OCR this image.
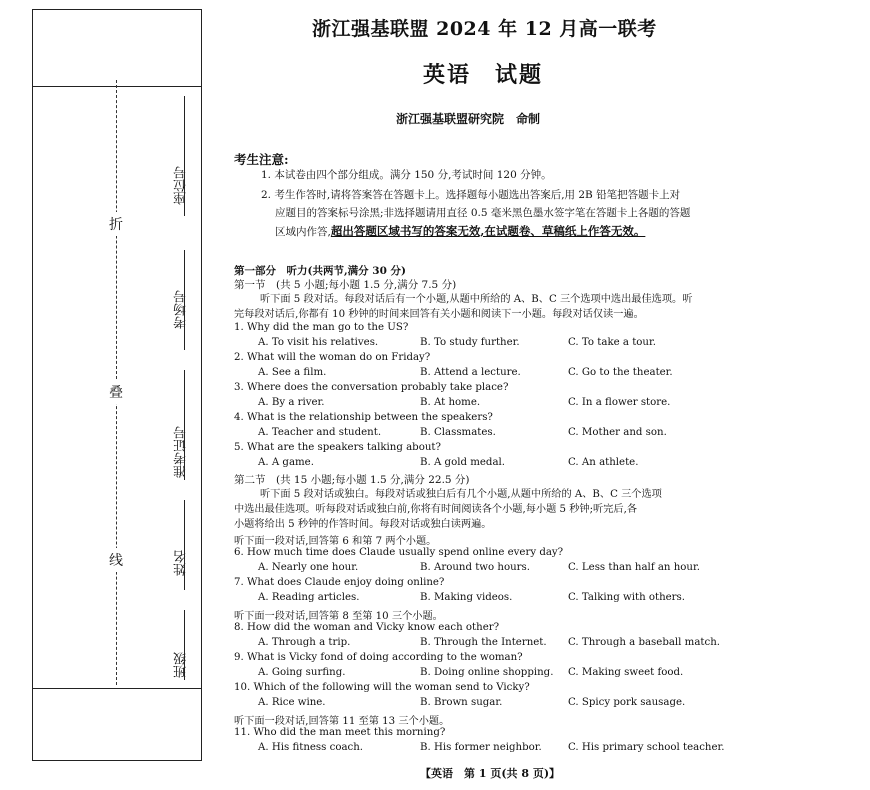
折
叠
线
座位号
考场号
准考证号
姓名
班级
浙江强基联盟 2024 年 12 月高一联考
英语　试题
浙江强基联盟研究院　命制
考生注意:
1. 本试卷由四个部分组成。满分 150 分,考试时间 120 分钟。
2. 考生作答时,请将答案答在答题卡上。选择题每小题选出答案后,用 2B 铅笔把答题卡上对
应题目的答案标号涂黑;非选择题请用直径 0.5 毫米黑色墨水签字笔在答题卡上各题的答题
区域内作答,超出答题区域书写的答案无效,在试题卷、草稿纸上作答无效。
第一部分　听力(共两节,满分 30 分)
第一节　(共 5 小题;每小题 1.5 分,满分 7.5 分)
听下面 5 段对话。每段对话后有一个小题,从题中所给的 A、B、C 三个选项中选出最佳选项。听
完每段对话后,你都有 10 秒钟的时间来回答有关小题和阅读下一小题。每段对话仅读一遍。
第二节　(共 15 小题;每小题 1.5 分,满分 22.5 分)
听下面 5 段对话或独白。每段对话或独白后有几个小题,从题中所给的 A、B、C 三个选项
中选出最佳选项。听每段对话或独白前,你将有时间阅读各个小题,每小题 5 秒钟;听完后,各
小题将给出 5 秒钟的作答时间。每段对话或独白读两遍。
听下面一段对话,回答第 6 和第 7 两个小题。
听下面一段对话,回答第 8 至第 10 三个小题。
听下面一段对话,回答第 11 至第 13 三个小题。
【英语　第 1 页(共 8 页)】
1. Why did the man go to the US?
A. To visit his relatives.	B. To study further.	C. To take a tour.
2. What will the woman do on Friday?
A. See a film.	B. Attend a lecture.	C. Go to the theater.
3. Where does the conversation probably take place?
A. By a river.	B. At home.	C. In a flower store.
4. What is the relationship between the speakers?
A. Teacher and student.	B. Classmates.	C. Mother and son.
5. What are the speakers talking about?
A. A game.	B. A gold medal.	C. An athlete.
6. How much time does Claude usually spend online every day?
A. Nearly one hour.	B. Around two hours.	C. Less than half an hour.
7. What does Claude enjoy doing online?
A. Reading articles.	B. Making videos.	C. Talking with others.
8. How did the woman and Vicky know each other?
A. Through a trip.	B. Through the Internet. C. Through a baseball match.
9. What is Vicky fond of doing according to the woman?
A. Going surfing.	B. Doing online shopping. C. Making sweet food.
10. Which of the following will the woman send to Vicky?
A. Rice wine.	B. Brown sugar.	C. Spicy pork sausage.
11. Who did the man meet this morning?
A. His fitness coach.	B. His former neighbor.	C. His primary school teacher.
